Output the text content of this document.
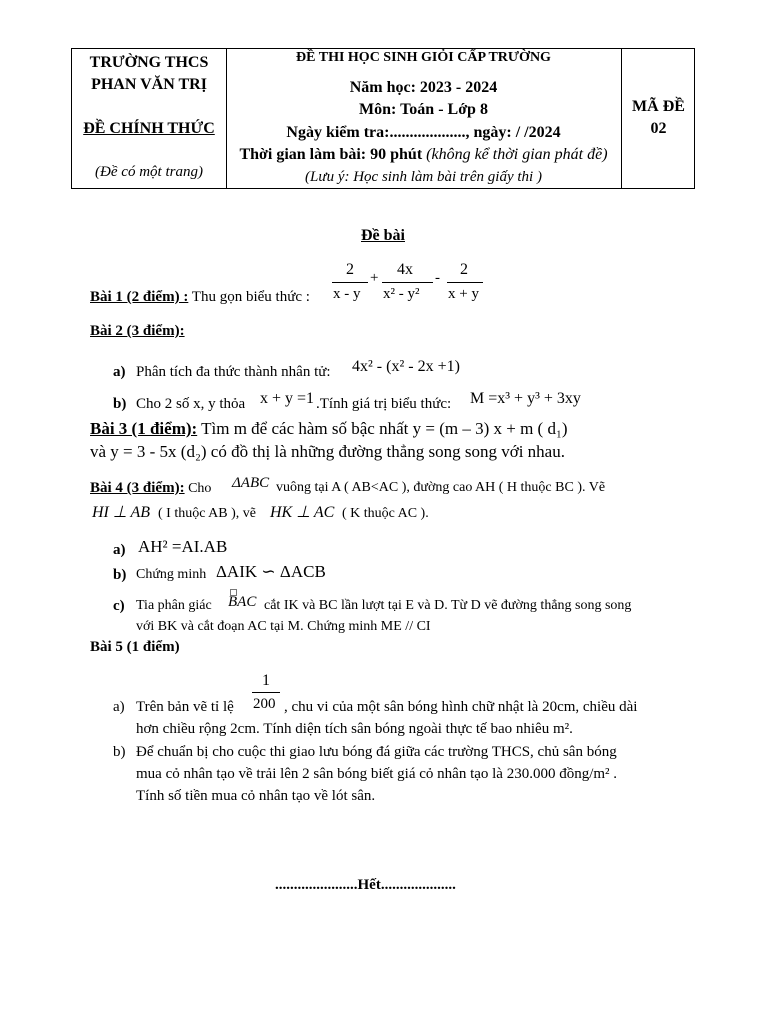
TRƯỜNG THCS
PHAN VĂN TRỊ
ĐỀ CHÍNH THỨC
(Đề có một trang)
ĐỀ THI HỌC SINH GIỎI CẤP TRƯỜNG
Năm học: 2023 - 2024
Môn: Toán - Lớp 8
Ngày kiểm tra:..................., ngày: / /2024
Thời gian làm bài: 90 phút (không kể thời gian phát đề)
(Lưu ý: Học sinh làm bài trên giấy thi )
MÃ ĐỀ
02
Đề bài
Bài 1 (2 điểm) : Thu gọn biểu thức :
2
x - y
+ 4x
x² - y²
- 2
x + y
Bài 2 (3 điểm):
a) Phân tích đa thức thành nhân tử: 4x² - (x² - 2x +1)
b) Cho 2 số x, y thỏa x + y =1 .Tính giá trị biểu thức: M =x³ + y³ + 3xy
Bài 3 (1 điểm): Tìm m để các hàm số bậc nhất y = (m – 3) x + m ( d₁)
và y = 3 - 5x (d₂) có đồ thị là những đường thẳng song song với nhau.
Bài 4 (3 điểm): Cho ΔABC vuông tại A ( AB<AC ), đường cao AH ( H thuộc BC ). Vẽ
HI ⊥ AB ( I thuộc AB ), vẽ HK ⊥ AC ( K thuộc AC ).
a) AH² =AI.AB
b) Chứng minh ΔAIK ∽ ΔACB
c) Tia phân giác BAC cắt IK và BC lần lượt tại E và D. Từ D vẽ đường thẳng song song
với BK và cắt đoạn AC tại M. Chứng minh ME // CI
Bài 5 (1 điểm)
1
200
a) Trên bản vẽ tỉ lệ	, chu vi của một sân bóng hình chữ nhật là 20cm, chiều dài
hơn chiều rộng 2cm. Tính diện tích sân bóng ngoài thực tế bao nhiêu m².
b) Để chuẩn bị cho cuộc thi giao lưu bóng đá giữa các trường THCS, chủ sân bóng
mua cỏ nhân tạo về trải lên 2 sân bóng biết giá cỏ nhân tạo là 230.000 đồng/m² .
Tính số tiền mua cỏ nhân tạo về lót sân.
......................Hết....................
